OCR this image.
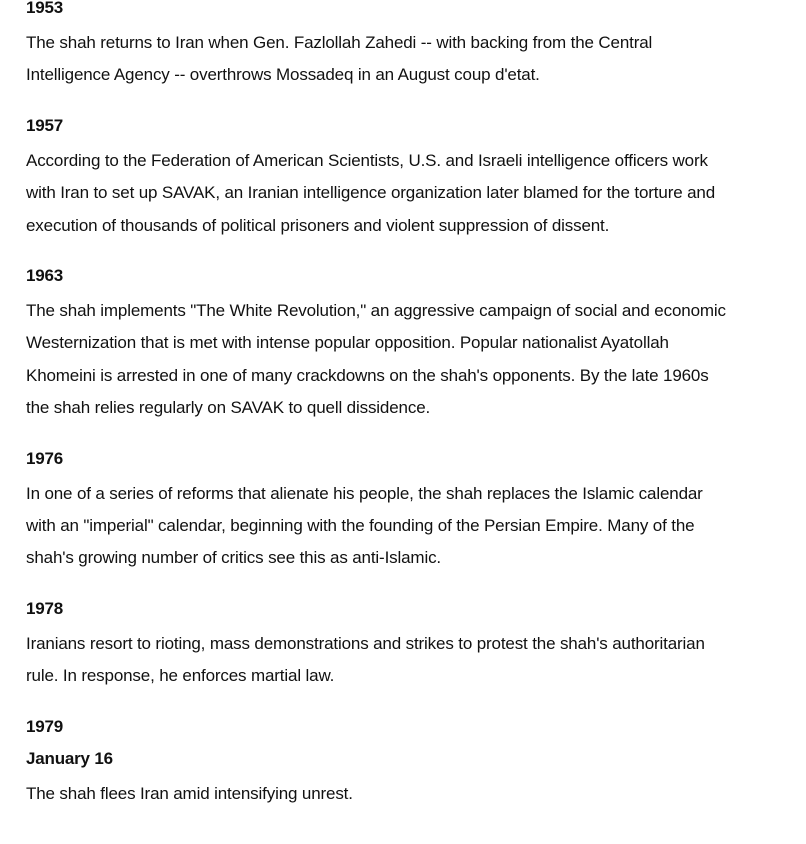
1953

The shah returns to Iran when Gen. Fazlollah Zahedi -- with backing from the Central Intelligence Agency -- overthrows Mossadeq in an August coup d'etat.

1957

According to the Federation of American Scientists, U.S. and Israeli intelligence officers work with Iran to set up SAVAK, an Iranian intelligence organization later blamed for the torture and execution of thousands of political prisoners and violent suppression of dissent.

1963

The shah implements "The White Revolution," an aggressive campaign of social and economic Westernization that is met with intense popular opposition. Popular nationalist Ayatollah Khomeini is arrested in one of many crackdowns on the shah's opponents. By the late 1960s the shah relies regularly on SAVAK to quell dissidence.

1976

In one of a series of reforms that alienate his people, the shah replaces the Islamic calendar with an "imperial" calendar, beginning with the founding of the Persian Empire. Many of the shah's growing number of critics see this as anti-Islamic.

1978

Iranians resort to rioting, mass demonstrations and strikes to protest the shah's authoritarian rule. In response, he enforces martial law.

1979
January 16

The shah flees Iran amid intensifying unrest.
